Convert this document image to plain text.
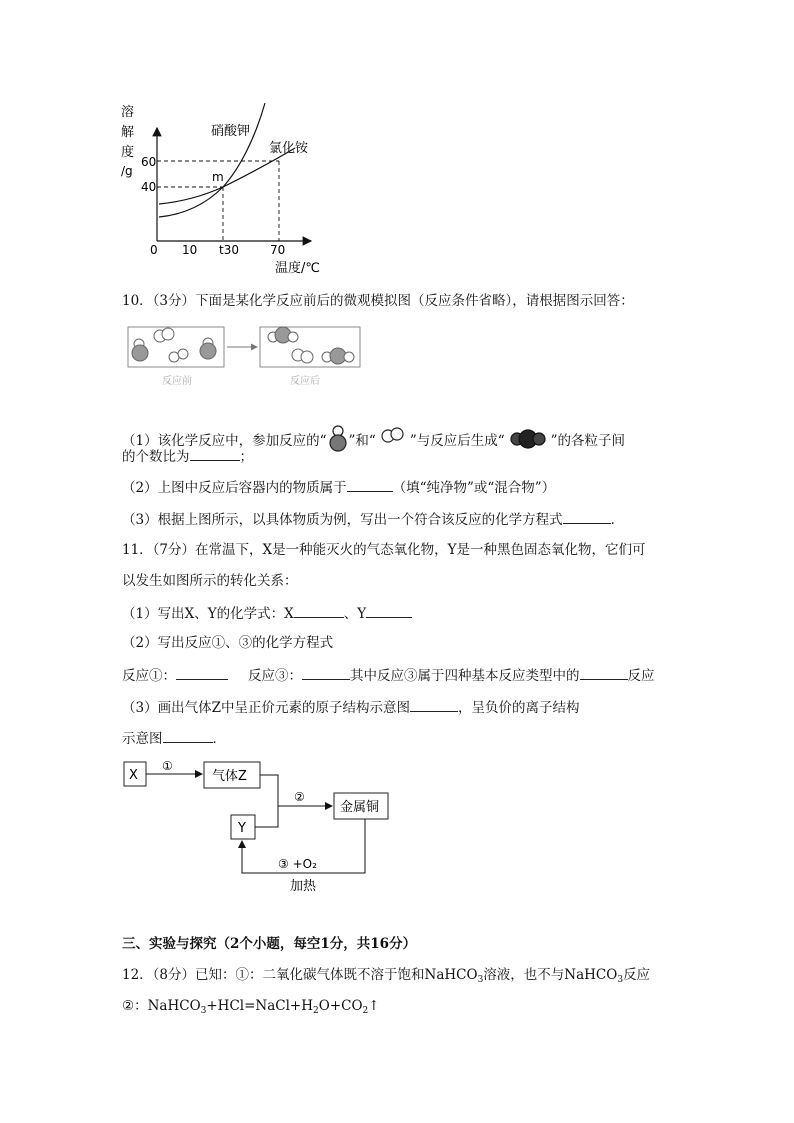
溶
解
度
/g
60
40
0 10 t30	70
温度/℃
硝酸钾
氯化铵
m
10．（3分）下面是某化学反应前后的微观模拟图（反应条件省略），请根据图示回答：
反应前	反应后
（1）该化学反应中，参加反应的“ ”和“	”与反应后生成“	”的各粒子间
的个数比为	；
（2）上图中反应后容器内的物质属于	（填“纯净物”或“混合物”）
（3）根据上图所示，以具体物质为例，写出一个符合该反应的化学方程式	．
11．（7分）在常温下，X是一种能灭火的气态氧化物，Y是一种黑色固态氧化物，它们可
以发生如图所示的转化关系：
（1）写出X、Y的化学式：X	、Y
（2）写出反应①、③的化学方程式
反应①：	反应③：	其中反应③属于四种基本反应类型中的	反应
（3）画出气体Z中呈正价元素的原子结构示意图	，呈负价的离子结构
示意图	．
X	气体Z
Y
金属铜
①
②
③ +O₂
加热
三、实验与探究（2个小题，每空1分，共16分）
12．（8分）已知：①：二氧化碳气体既不溶于饱和NaHCO$_3$溶液，也不与NaHCO$_3$反应
②：$NaHCO_3+HCl=NaCl+H_2O+CO_2↑$
